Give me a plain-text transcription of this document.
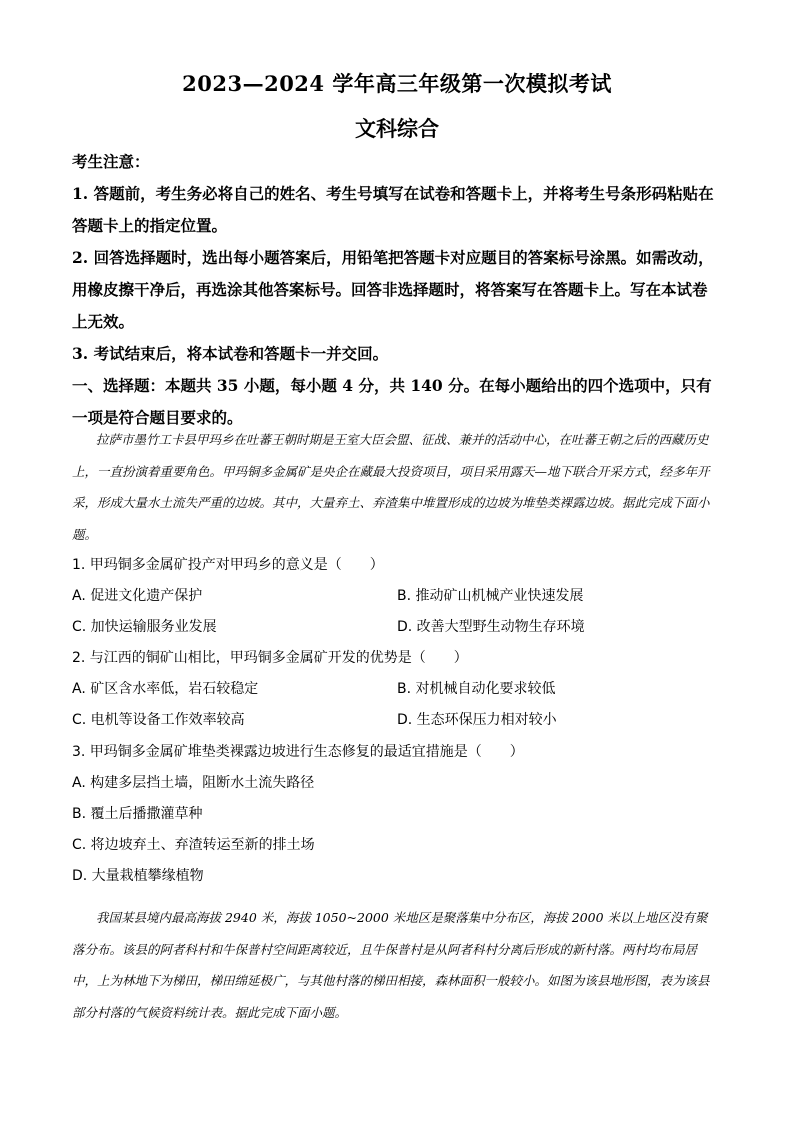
2023—2024 学年高三年级第一次模拟考试
文科综合

考生注意：

1. 答题前，考生务必将自己的姓名、考生号填写在试卷和答题卡上，并将考生号条形码粘贴在答题卡上的指定位置。

2. 回答选择题时，选出每小题答案后，用铅笔把答题卡对应题目的答案标号涂黑。如需改动，用橡皮擦干净后，再选涂其他答案标号。回答非选择题时，将答案写在答题卡上。写在本试卷上无效。

3. 考试结束后，将本试卷和答题卡一并交回。

一、选择题：本题共 35 小题，每小题 4 分，共 140 分。在每小题给出的四个选项中，只有一项是符合题目要求的。

拉萨市墨竹工卡县甲玛乡在吐蕃王朝时期是王室大臣会盟、征战、兼并的活动中心，在吐蕃王朝之后的西藏历史上，一直扮演着重要角色。甲玛铜多金属矿是央企在藏最大投资项目，项目采用露天—地下联合开采方式，经多年开采，形成大量水土流失严重的边坡。其中，大量弃土、弃渣集中堆置形成的边坡为堆垫类裸露边坡。据此完成下面小题。

1. 甲玛铜多金属矿投产对甲玛乡的意义是（　　）
A. 促进文化遗产保护	B. 推动矿山机械产业快速发展
C. 加快运输服务业发展	D. 改善大型野生动物生存环境
2. 与江西的铜矿山相比，甲玛铜多金属矿开发的优势是（　　）
A. 矿区含水率低，岩石较稳定	B. 对机械自动化要求较低
C. 电机等设备工作效率较高	D. 生态环保压力相对较小
3. 甲玛铜多金属矿堆垫类裸露边坡进行生态修复的最适宜措施是（　　）
A. 构建多层挡土墙，阻断水土流失路径
B. 覆土后播撒灌草种
C. 将边坡弃土、弃渣转运至新的排土场
D. 大量栽植攀缘植物

我国某县境内最高海拔 2940 米，海拔 1050~2000 米地区是聚落集中分布区，海拔 2000 米以上地区没有聚落分布。该县的阿者科村和牛保普村空间距离较近，且牛保普村是从阿者科村分离后形成的新村落。两村均布局居中，上为林地下为梯田，梯田绵延极广，与其他村落的梯田相接，森林面积一般较小。如图为该县地形图，表为该县部分村落的气候资料统计表。据此完成下面小题。
